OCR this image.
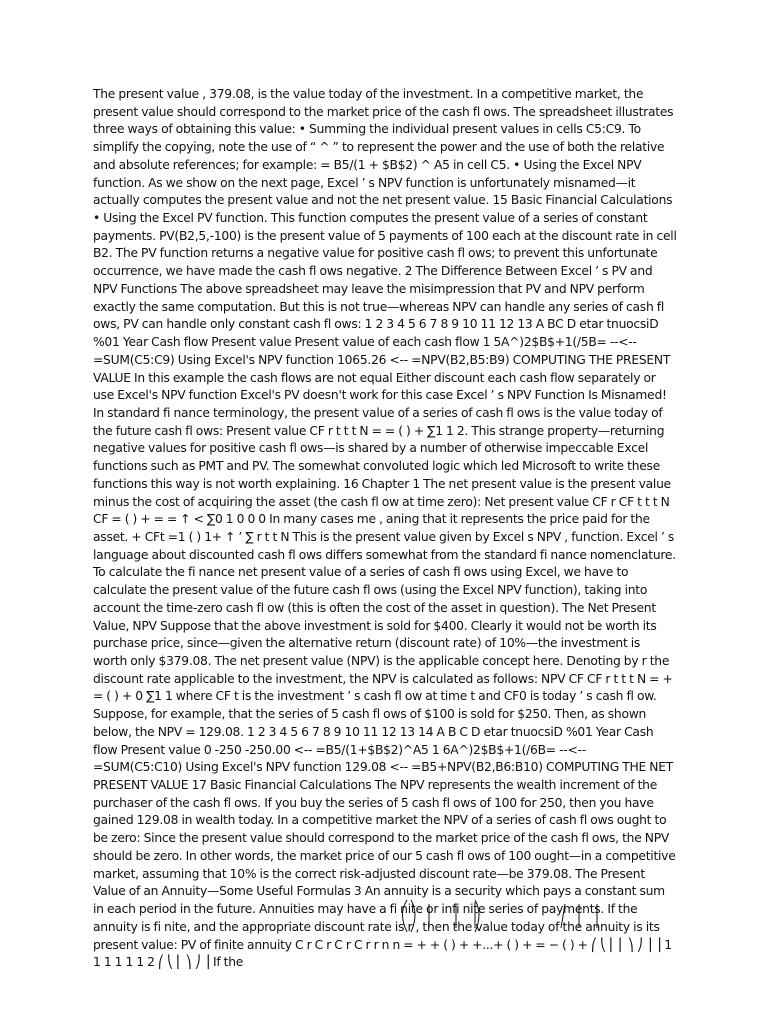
The present value , 379.08, is the value today of the investment. In a competitive market, the present value should correspond to the market price of the cash fl ows. The spreadsheet illustrates three ways of obtaining this value: • Summing the individual present values in cells C5:C9. To simplify the copying, note the use of “ ^ ” to represent the power and the use of both the relative and absolute references; for example: = B5/(1 + $B$2) ^ A5 in cell C5. • Using the Excel NPV function. As we show on the next page, Excel ’ s NPV function is unfortunately misnamed—it actually computes the present value and not the net present value. 15 Basic Financial Calculations • Using the Excel PV function. This function computes the present value of a series of constant payments. PV(B2,5,-100) is the present value of 5 payments of 100 each at the discount rate in cell B2. The PV function returns a negative value for positive cash fl ows; to prevent this unfortunate occurrence, we have made the cash fl ows negative. 2 The Difference Between Excel ’ s PV and NPV Functions The above spreadsheet may leave the misimpression that PV and NPV perform exactly the same computation. But this is not true—whereas NPV can handle any series of cash fl ows, PV can handle only constant cash fl ows: 1 2 3 4 5 6 7 8 9 10 11 12 13 A BC D etar tnuocsiD %01 Year Cash flow Present value Present value of each cash flow 1 5A^)2$B$+1(/5B= --<-- =SUM(C5:C9) Using Excel's NPV function 1065.26 <-- =NPV(B2,B5:B9) COMPUTING THE PRESENT VALUE In this example the cash flows are not equal Either discount each cash flow separately or use Excel's NPV function Excel's PV doesn't work for this case Excel ’ s NPV Function Is Misnamed! In standard fi nance terminology, the present value of a series of cash fl ows is the value today of the future cash fl ows: Present value CF r t t t N = = ( ) + ∑1 1 2. This strange property—returning negative values for positive cash fl ows—is shared by a number of otherwise impeccable Excel functions such as PMT and PV. The somewhat convoluted logic which led Microsoft to write these functions this way is not worth explaining. 16 Chapter 1 The net present value is the present value minus the cost of acquiring the asset (the cash fl ow at time zero): Net present value CF r CF t t t N CF = ( ) + = = ↑ < ∑0 1 0 0 0 In many cases me , aning that it represents the price paid for the asset. + CFt =1 ( ) 1+ ↑ ’ ∑ r t t N This is the present value given by Excel s NPV , function. Excel ’ s language about discounted cash fl ows differs somewhat from the standard fi nance nomenclature. To calculate the fi nance net present value of a series of cash fl ows using Excel, we have to calculate the present value of the future cash fl ows (using the Excel NPV function), taking into account the time-zero cash fl ow (this is often the cost of the asset in question). The Net Present Value, NPV Suppose that the above investment is sold for $400. Clearly it would not be worth its purchase price, since—given the alternative return (discount rate) of 10%—the investment is worth only $379.08. The net present value (NPV) is the applicable concept here. Denoting by r the discount rate applicable to the investment, the NPV is calculated as follows: NPV CF CF r t t t N = + = ( ) + 0 ∑1 1 where CF t is the investment ’ s cash fl ow at time t and CF0 is today ’ s cash fl ow. Suppose, for example, that the series of 5 cash fl ows of $100 is sold for $250. Then, as shown below, the NPV = 129.08. 1 2 3 4 5 6 7 8 9 10 11 12 13 14 A B C D etar tnuocsiD %01 Year Cash flow Present value 0 -250 -250.00 <-- =B5/(1+$B$2)^A5 1 6A^)2$B$+1(/6B= --<-- =SUM(C5:C10) Using Excel's NPV function 129.08 <-- =B5+NPV(B2,B6:B10) COMPUTING THE NET PRESENT VALUE 17 Basic Financial Calculations The NPV represents the wealth increment of the purchaser of the cash fl ows. If you buy the series of 5 cash fl ows of 100 for 250, then you have gained 129.08 in wealth today. In a competitive market the NPV of a series of cash fl ows ought to be zero: Since the present value should correspond to the market price of the cash fl ows, the NPV should be zero. In other words, the market price of our 5 cash fl ows of 100 ought—in a competitive market, assuming that 10% is the correct risk-adjusted discount rate—be 379.08. The Present Value of an Annuity—Some Useful Formulas 3 An annuity is a security which pays a constant sum in each period in the future. Annuities may have a fi nite or infi nite series of payments. If the annuity is fi nite, and the appropriate discount rate is r , then the value today of the annuity is its present value: PV of finite annuity C r C r C r C r r n n = + + ( ) + +...+ ( ) + = − ( ) + ⎛ ⎝ ⎜ ⎜ ⎞ ⎠ ⎟ ⎟ 1 1 1 1 1 1 2 ⎛ ⎝ ⎜ ⎞ ⎠ ⎟ If the
